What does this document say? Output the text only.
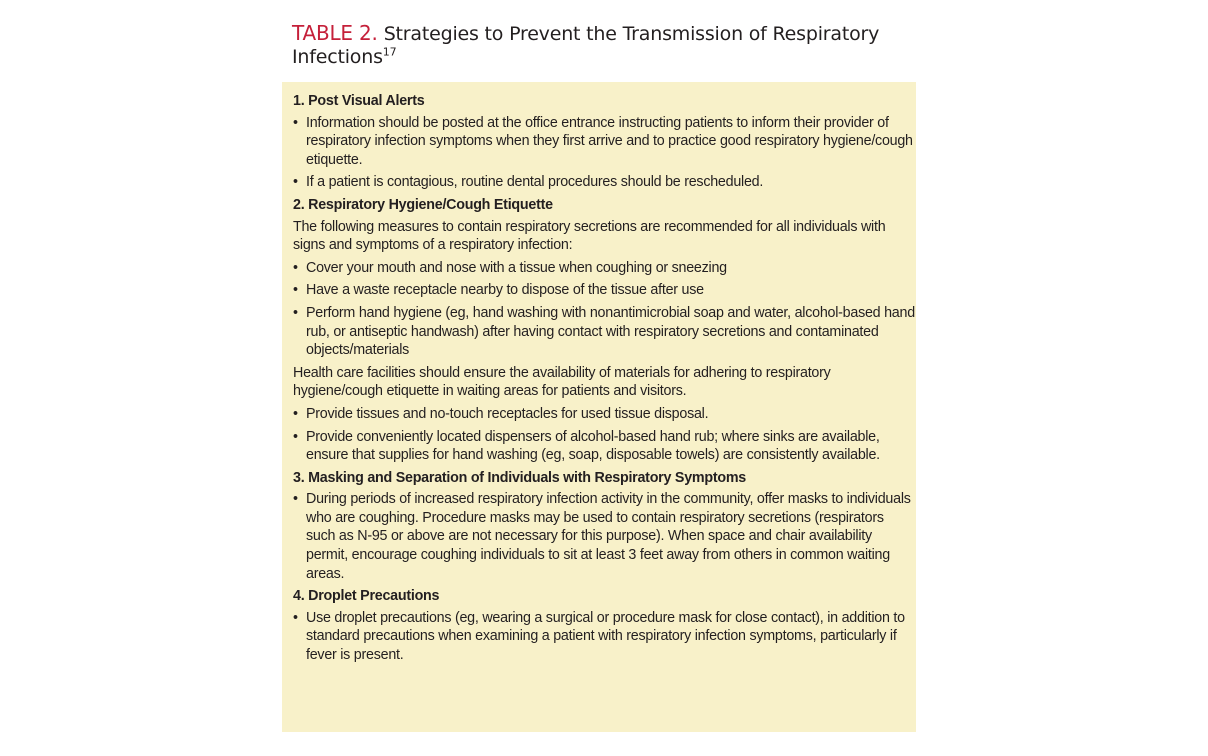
TABLE 2. Strategies to Prevent the Transmission of Respiratory
Infections$^{17}$
1. Post Visual Alerts
• Information should be posted at the office entrance instructing patients to inform their provider of respiratory infection symptoms when they first arrive and to practice good respiratory hygiene/cough etiquette.
• If a patient is contagious, routine dental procedures should be rescheduled.
2. Respiratory Hygiene/Cough Etiquette
The following measures to contain respiratory secretions are recommended for all individuals with signs and symptoms of a respiratory infection:
• Cover your mouth and nose with a tissue when coughing or sneezing
• Have a waste receptacle nearby to dispose of the tissue after use
• Perform hand hygiene (eg, hand washing with nonantimicrobial soap and water, alcohol-based hand rub, or antiseptic handwash) after having contact with respiratory secretions and contaminated objects/materials
Health care facilities should ensure the availability of materials for adhering to respiratory hygiene/cough etiquette in waiting areas for patients and visitors.
• Provide tissues and no-touch receptacles for used tissue disposal.
• Provide conveniently located dispensers of alcohol-based hand rub; where sinks are available, ensure that supplies for hand washing (eg, soap, disposable towels) are consistently available.
3. Masking and Separation of Individuals with Respiratory Symptoms
• During periods of increased respiratory infection activity in the community, offer masks to individuals who are coughing. Procedure masks may be used to contain respiratory secretions (respirators such as N-95 or above are not necessary for this purpose). When space and chair availability permit, encourage coughing individuals to sit at least 3 feet away from others in common waiting areas.
4. Droplet Precautions
• Use droplet precautions (eg, wearing a surgical or procedure mask for close contact), in addition to standard precautions when examining a patient with respiratory infection symptoms, particularly if fever is present.
